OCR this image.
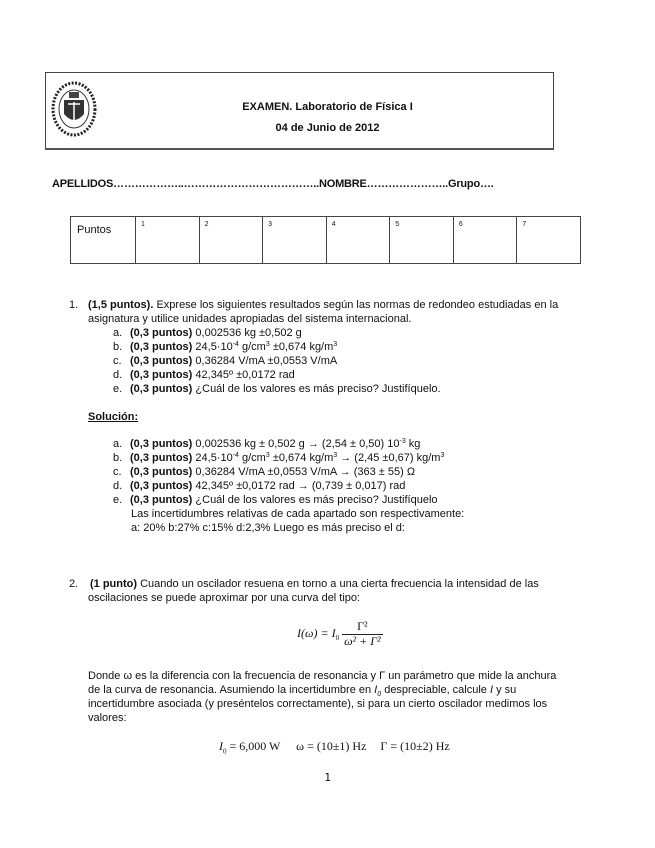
EXAMEN. Laboratorio de Física I
04 de Junio de 2012
APELLIDOS………………..………………………………..NOMBRE…………………..Grupo….
Puntos	1	2	3	4	5	6	7
1. (1,5 puntos). Exprese los siguientes resultados según las normas de redondeo estudiadas en la
asignatura y utilice unidades apropiadas del sistema internacional.
a. (0,3 puntos) 0,002536 kg ±0,502 g
b. (0,3 puntos) $24,5\cdot 10^{-4}$ $g/cm^3 \pm 0,674$ $kg/m^3$
c. (0,3 puntos) 0,36284 V/mA ±0,0553 V/mA
d. (0,3 puntos) 42,345º ±0,0172 rad
e. (0,3 puntos) ¿Cuál de los valores es más preciso? Justifíquelo.
Solución:
a. (0,3 puntos) 0,002536 kg ± 0,502 g → (2,54 ± 0,50) $10^{-3}$ kg
b. (0,3 puntos) $24,5\cdot 10^{-4}$ $g/cm^3 \pm 0,674$ $kg/m^3 \to (2,45 \pm 0,67)$ $kg/m^3$
c. (0,3 puntos) 0,36284 V/mA ±0,0553 V/mA → (363 ± 55) Ω
d. (0,3 puntos) 42,345º ±0,0172 rad → (0,739 ± 0,017) rad
e. (0,3 puntos) ¿Cuál de los valores es más preciso? Justifíquelo
Las incertidumbres relativas de cada apartado son respectivamente:
a: 20% b:27% c:15% d:2,3% Luego es más preciso el d:
2. (1 punto) Cuando un oscilador resuena en torno a una cierta frecuencia la intensidad de las
oscilaciones se puede aproximar por una curva del tipo:
$I(\omega) = I_0 \frac{\text{Γ²}}{\text{ω² + Γ²}}$
Donde ω es la diferencia con la frecuencia de resonancia y Γ un parámetro que mide la anchura
de la curva de resonancia. Asumiendo la incertidumbre en $I_0$ despreciable, calcule I y su
incertidumbre asociada (y preséntelos correctamente), si para un cierto oscilador medimos los
valores:
$I_0 = 6,000$ W ω = (10±1) Hz Γ = (10±2) Hz
1
